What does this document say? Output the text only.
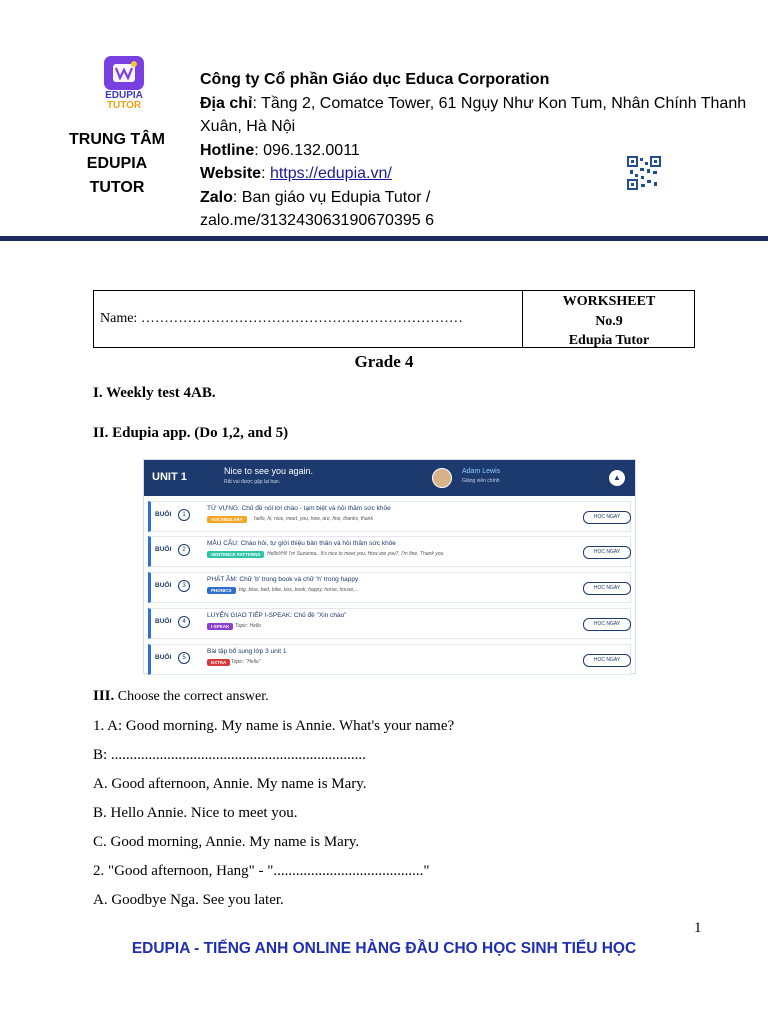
EDUPIA
TUTOR
TRUNG TÂM EDUPIA TUTOR
Công ty Cổ phần Giáo dục Educa Corporation
Địa chỉ: Tầng 2, Comatce Tower, 61 Ngụy Như Kon Tum, Nhân Chính Thanh Xuân, Hà Nội
Hotline: 096.132.0011
Website: https://edupia.vn/
Zalo: Ban giáo vụ Edupia Tutor / zalo.me/313243063190670395 6
Name: ……………………………………………………………
WORKSHEET
No.9
Edupia Tutor
Grade 4
I. Weekly test 4AB.
II. Edupia app. (Do 1,2, and 5)
UNIT 1	Nice to see you again.
Rất vui được gặp lại bạn.
Adam Lewis
Giảng viên chính	▲
BUỔI	1
TỪ VỰNG: Chủ đề nói lời chào - tạm biệt và hỏi thăm sức khỏe
VOCABULARY	hello, hi, nice, meet, you, how, are, fine, thanks, thank	HỌC NGAY
BUỔI	2
MẪU CÂU: Chào hỏi, tự giới thiệu bản thân và hỏi thăm sức khỏe
SENTENCE PATTERNS	Hello!/Hi! I'm Suzanna., It's nice to meet you, How are you?, I'm fine. Thank you.	HỌC NGAY
BUỔI	3
PHÁT ÂM: Chữ 'b' trong book và chữ 'h' trong happy
PHONICS	big, blue, bed, bike, box, book, happy, horse, house,...	HỌC NGAY
BUỔI	4
LUYỆN GIAO TIẾP I-SPEAK: Chủ đề "Xin chào"
I-SPEAK	Topic: Hello	HỌC NGAY
BUỔI	5
Bài tập bổ sung lớp 3 unit 1
EXTRA Topic: "Hello"	HỌC NGAY
III. Choose the correct answer.
1. A: Good morning. My name is Annie. What's your name?
B: ....................................................................
A. Good afternoon, Annie. My name is Mary.
B. Hello Annie. Nice to meet you.
C. Good morning, Annie. My name is Mary.
2. "Good afternoon, Hang" - "........................................"
A. Goodbye Nga. See you later.
1
EDUPIA - TIẾNG ANH ONLINE HÀNG ĐẦU CHO HỌC SINH TIỂU HỌC
